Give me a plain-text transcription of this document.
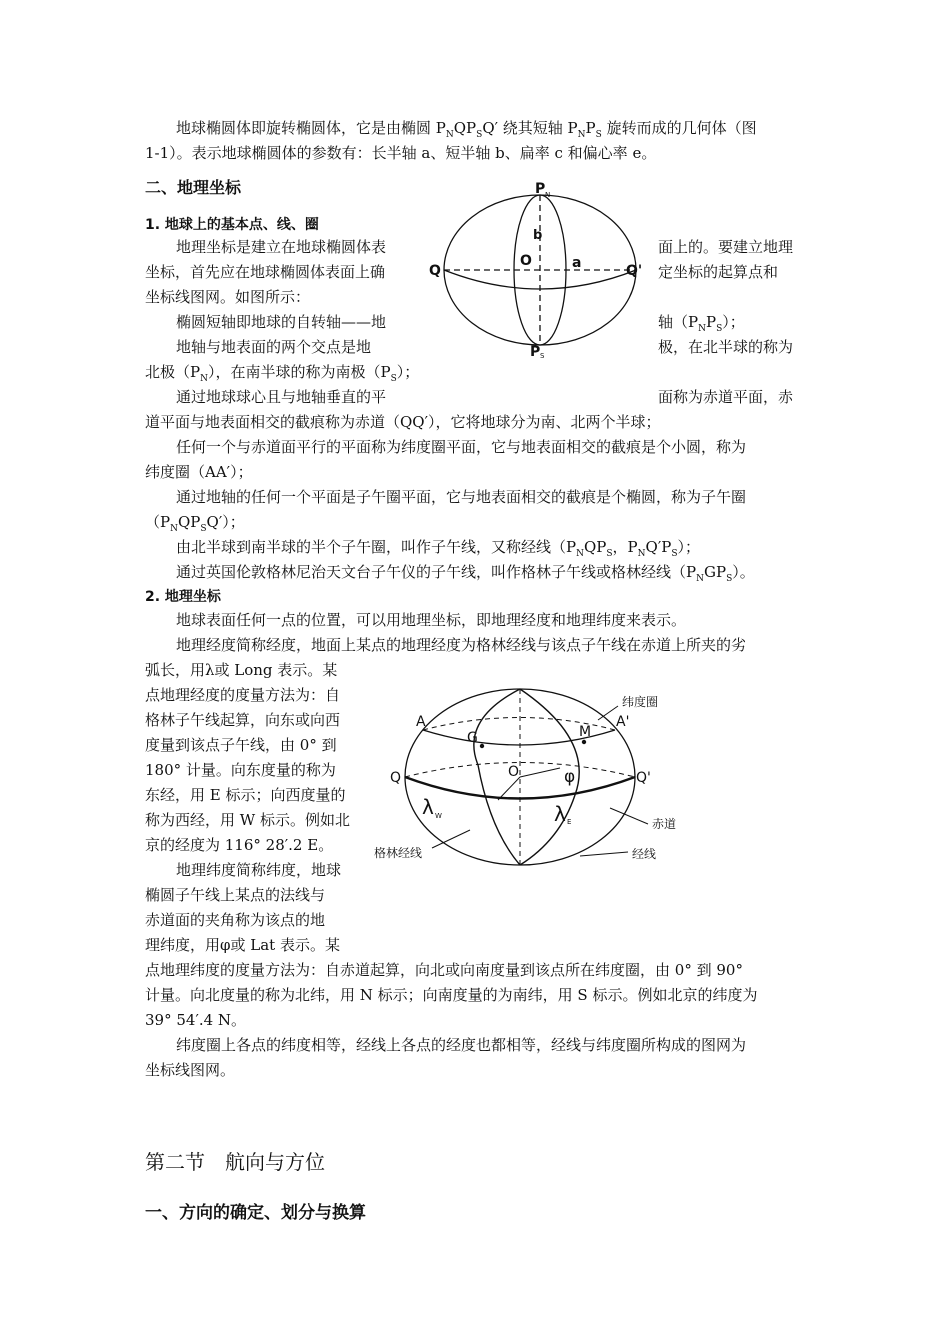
地球椭圆体即旋转椭圆体，它是由椭圆 $P_NQP_SQ'$ 绕其短轴 $P_NP_S$ 旋转而成的几何体（图
1-1）。表示地球椭圆体的参数有：长半轴 a、短半轴 b、扁率 c 和偏心率 e。
二、地理坐标
1. 地球上的基本点、线、圈
地理坐标是建立在地球椭圆体表	面上的。要建立地理
坐标，首先应在地球椭圆体表面上确	定坐标的起算点和
坐标线图网。如图所示：
椭圆短轴即地球的自转轴——地	轴$(P_NP_S)$；
地轴与地表面的两个交点是地	极，在北半球的称为
北极$(P_N)$，在南半球的称为南极$(P_S)$；
通过地球球心且与地轴垂直的平	面称为赤道平面，赤
道平面与地表面相交的截痕称为赤道（QQ′），它将地球分为南、北两个半球；
任何一个与赤道面平行的平面称为纬度圈平面，它与地表面相交的截痕是个小圆，称为
纬度圈（AA′）；
通过地轴的任何一个平面是子午圈平面，它与地表面相交的截痕是个椭圆，称为子午圈
$(P_NQP_SQ')$；
由北半球到南半球的半个子午圈，叫作子午线，又称经线（$P_NQP_S$，$P_NQ'P_S$）；
通过英国伦敦格林尼治天文台子午仪的子午线，叫作格林子午线或格林经线$(P_NGP_S)$。
2. 地理坐标
地球表面任何一点的位置，可以用地理坐标，即地理经度和地理纬度来表示。
地理经度简称经度，地面上某点的地理经度为格林经线与该点子午线在赤道上所夹的劣
弧长，用λ或 Long 表示。某
点地理经度的度量方法为：自
格林子午线起算，向东或向西
度量到该点子午线，由 0° 到
180° 计量。向东度量的称为
东经，用 E 标示；向西度量的
称为西经，用 W 标示。例如北
京的经度为 116° 28′.2 E。
地理纬度简称纬度，地球
椭圆子午线上某点的法线与
赤道面的夹角称为该点的地
理纬度，用φ或 Lat 表示。某
点地理纬度的度量方法为：自赤道起算，向北或向南度量到该点所在纬度圈，由 0° 到 90°
计量。向北度量的称为北纬，用 N 标示；向南度量的为南纬，用 S 标示。例如北京的纬度为
39° 54′.4 N。
纬度圈上各点的纬度相等，经线上各点的经度也都相等，经线与纬度圈所构成的图网为
坐标线图网。
第二节　航向与方位
一、方向的确定、划分与换算
P N
P S
Q	Q'
O	a
b
纬度圈
A	A'
G	M
Q	Q'
O	φ
λ W	λ E	赤道
格林经线	经线
